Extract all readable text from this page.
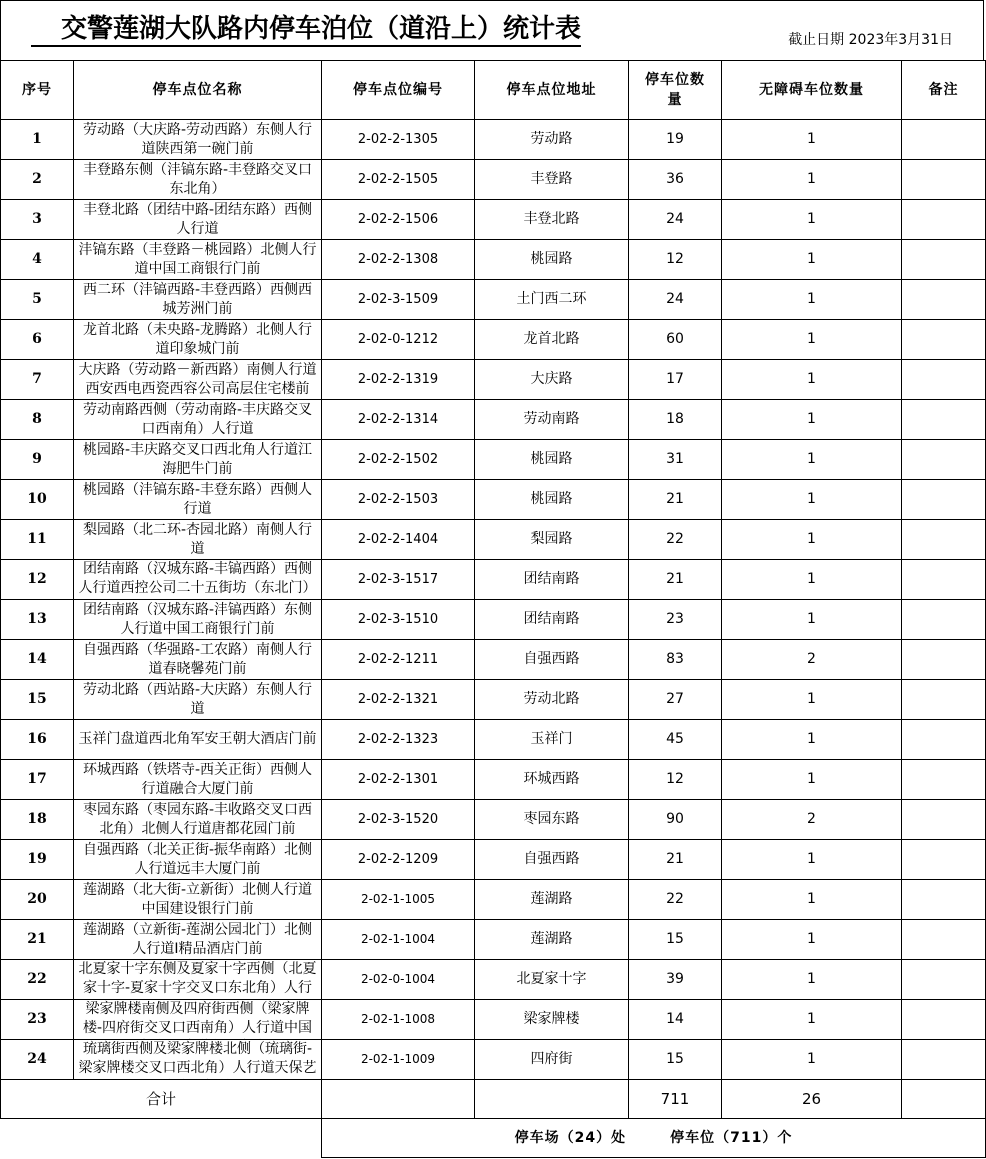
交警莲湖大队路内停车泊位（道沿上）统计表	截止日期 2023年3月31日
序号	停车点位名称	停车点位编号	停车点位地址	停车位数量	无障碍车位数量	备注
1	劳动路（大庆路-劳动西路）东侧人行道陕西第一碗门前	2-02-2-1305	劳动路	19	1	
2	丰登路东侧（沣镐东路-丰登路交叉口东北角）	2-02-2-1505	丰登路	36	1	
3	丰登北路（团结中路-团结东路）西侧人行道	2-02-2-1506	丰登北路	24	1	
4	沣镐东路（丰登路－桃园路）北侧人行道中国工商银行门前	2-02-2-1308	桃园路	12	1	
5	西二环（沣镐西路-丰登西路）西侧西城芳洲门前	2-02-3-1509	土门西二环	24	1	
6	龙首北路（未央路-龙腾路）北侧人行道印象城门前	2-02-0-1212	龙首北路	60	1	
7	大庆路（劳动路－新西路）南侧人行道西安西电西瓷西容公司高层住宅楼前	2-02-2-1319	大庆路	17	1	
8	劳动南路西侧（劳动南路-丰庆路交叉口西南角）人行道	2-02-2-1314	劳动南路	18	1	
9	桃园路-丰庆路交叉口西北角人行道江海肥牛门前	2-02-2-1502	桃园路	31	1	
10	桃园路（沣镐东路-丰登东路）西侧人行道	2-02-2-1503	桃园路	21	1	
11	梨园路（北二环-杏园北路）南侧人行道	2-02-2-1404	梨园路	22	1	
12	团结南路（汉城东路-丰镐西路）西侧人行道西控公司二十五街坊（东北门）	2-02-3-1517	团结南路	21	1	
13	团结南路（汉城东路-沣镐西路）东侧人行道中国工商银行门前	2-02-3-1510	团结南路	23	1	
14	自强西路（华强路-工农路）南侧人行道春晓馨苑门前	2-02-2-1211	自强西路	83	2	
15	劳动北路（西站路-大庆路）东侧人行道	2-02-2-1321	劳动北路	27	1	
16	玉祥门盘道西北角军安王朝大酒店门前	2-02-2-1323	玉祥门	45	1	
17	环城西路（铁塔寺-西关正街）西侧人行道融合大厦门前	2-02-2-1301	环城西路	12	1	
18	枣园东路（枣园东路-丰收路交叉口西北角）北侧人行道唐都花园门前	2-02-3-1520	枣园东路	90	2	
19	自强西路（北关正街-振华南路）北侧人行道远丰大厦门前	2-02-2-1209	自强西路	21	1	
20	莲湖路（北大街-立新街）北侧人行道中国建设银行门前	2-02-1-1005	莲湖路	22	1	
21	莲湖路（立新街-莲湖公园北门）北侧人行道I精品酒店门前	2-02-1-1004	莲湖路	15	1	
22	北夏家十字东侧及夏家十字西侧（北夏家十字-夏家十字交叉口东北角）人行	2-02-0-1004	北夏家十字	39	1	
23	梁家牌楼南侧及四府街西侧（梁家牌楼-四府街交叉口西南角）人行道中国	2-02-1-1008	梁家牌楼	14	1	
24	琉璃街西侧及梁家牌楼北侧（琉璃街-梁家牌楼交叉口西北角）人行道天保艺	2-02-1-1009	四府街	15	1	
合计				711	26	

		停车场（24）处 停车位（711）个				
